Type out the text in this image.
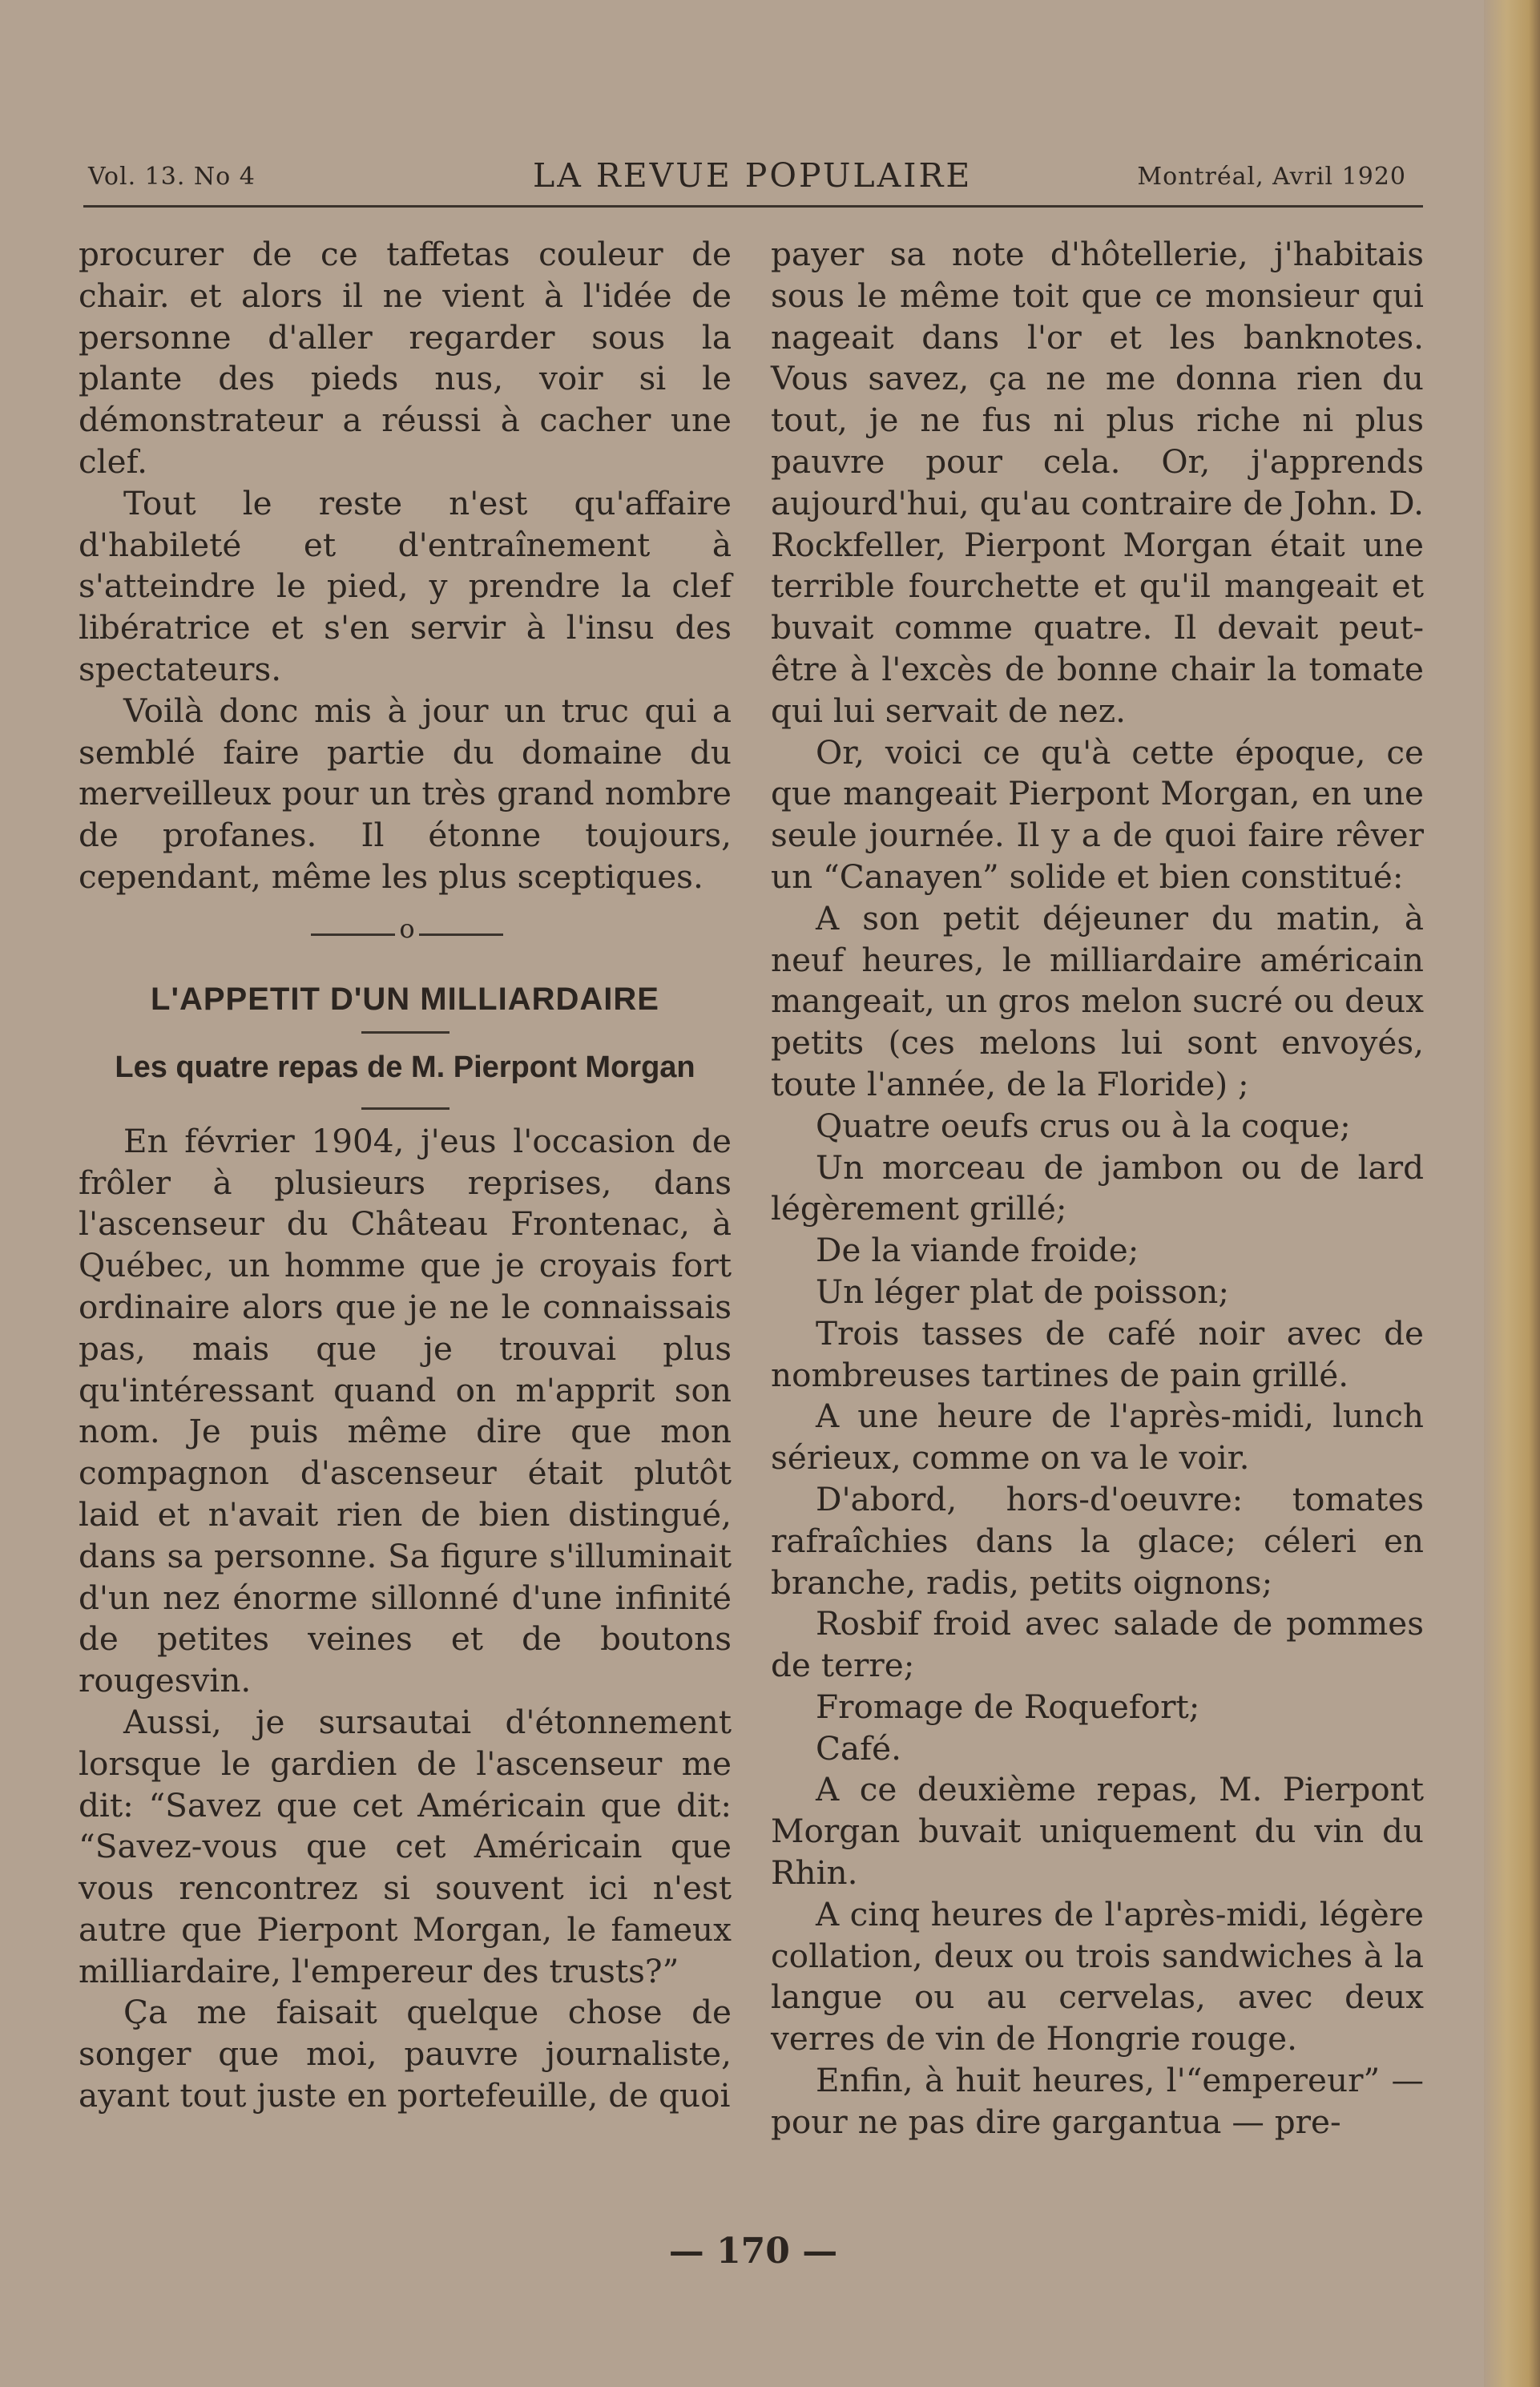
Vol. 13. No 4	LA REVUE POPULAIRE	Montréal, Avril 1920

procurer de ce taffetas couleur de chair. et alors il ne vient à l'idée de personne d'aller regarder sous la plante des pieds nus, voir si le démonstrateur a réussi à cacher une clef.

Tout le reste n'est qu'affaire d'habileté et d'entraînement à s'atteindre le pied, y prendre la clef libératrice et s'en servir à l'insu des spectateurs.

Voilà donc mis à jour un truc qui a semblé faire partie du domaine du merveilleux pour un très grand nombre de profanes. Il étonne toujours, cependant, même les plus sceptiques.

o
L'APPETIT D'UN MILLIARDAIRE
Les quatre repas de M. Pierpont Morgan

En février 1904, j'eus l'occasion de frôler à plusieurs reprises, dans l'ascenseur du Château Frontenac, à Québec, un homme que je croyais fort ordinaire alors que je ne le connaissais pas, mais que je trouvai plus qu'intéressant quand on m'apprit son nom. Je puis même dire que mon compagnon d'ascenseur était plutôt laid et n'avait rien de bien distingué, dans sa personne. Sa figure s'illuminait d'un nez énorme sillonné d'une infinité de petites veines et de boutons rougesvin.

Aussi, je sursautai d'étonnement lorsque le gardien de l'ascenseur me dit: “Savez que cet Américain que dit: “Savez-vous que cet Américain que vous rencontrez si souvent ici n'est autre que Pierpont Morgan, le fameux milliardaire, l'empereur des trusts?”

Ça me faisait quelque chose de songer que moi, pauvre journaliste, ayant tout juste en portefeuille, de quoi

payer sa note d'hôtellerie, j'habitais sous le même toit que ce monsieur qui nageait dans l'or et les banknotes. Vous savez, ça ne me donna rien du tout, je ne fus ni plus riche ni plus pauvre pour cela. Or, j'apprends aujourd'hui, qu'au contraire de John. D. Rockfeller, Pierpont Morgan était une terrible fourchette et qu'il mangeait et buvait comme quatre. Il devait peut-être à l'excès de bonne chair la tomate qui lui servait de nez.

Or, voici ce qu'à cette époque, ce que mangeait Pierpont Morgan, en une seule journée. Il y a de quoi faire rêver un “Canayen” solide et bien constitué:

A son petit déjeuner du matin, à neuf heures, le milliardaire américain mangeait, un gros melon sucré ou deux petits (ces melons lui sont envoyés, toute l'année, de la Floride) ;

Quatre oeufs crus ou à la coque;

Un morceau de jambon ou de lard légèrement grillé;

De la viande froide;

Un léger plat de poisson;

Trois tasses de café noir avec de nombreuses tartines de pain grillé.

A une heure de l'après-midi, lunch sérieux, comme on va le voir.

D'abord, hors-d'oeuvre: tomates rafraîchies dans la glace; céleri en branche, radis, petits oignons;

Rosbif froid avec salade de pommes de terre;

Fromage de Roquefort;

Café.

A ce deuxième repas, M. Pierpont Morgan buvait uniquement du vin du Rhin.

A cinq heures de l'après-midi, légère collation, deux ou trois sandwiches à la langue ou au cervelas, avec deux verres de vin de Hongrie rouge.

Enfin, à huit heures, l'“empereur” — pour ne pas dire gargantua — pre-

— 170 —
